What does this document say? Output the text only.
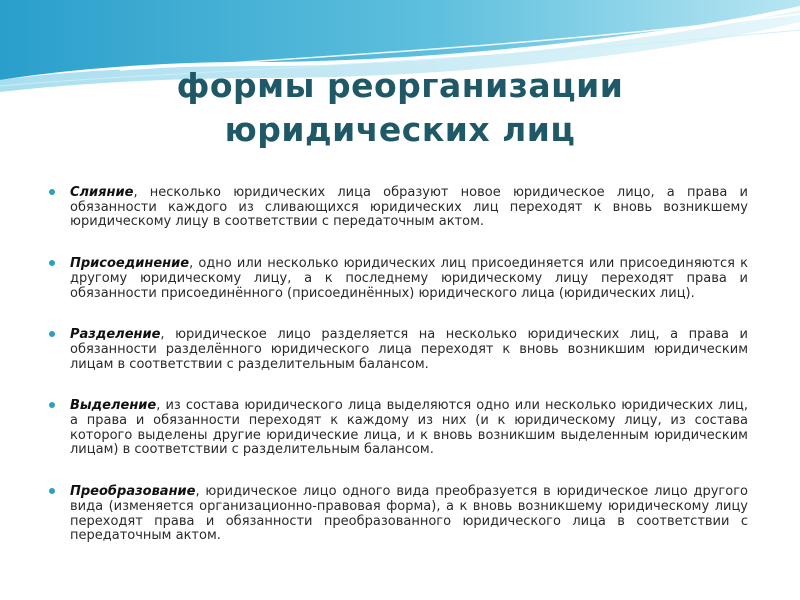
формы реорганизации
юридических лиц
Слияние, несколько юридических лица образуют новое юридическое лицо, а права и обязанности каждого из сливающихся юридических лиц переходят к вновь возникшему юридическому лицу в соответствии с передаточным актом.
Присоединение, одно или несколько юридических лиц присоединяется или присоединяются к другому юридическому лицу, а к последнему юридическому лицу переходят права и обязанности присоединённого (присоединённых) юридического лица (юридических лиц).
Разделение, юридическое лицо разделяется на несколько юридических лиц, а права и обязанности разделённого юридического лица переходят к вновь возникшим юридическим лицам в соответствии с разделительным балансом.
Выделение, из состава юридического лица выделяются одно или несколько юридических лиц, а права и обязанности переходят к каждому из них (и к юридическому лицу, из состава которого выделены другие юридические лица, и к вновь возникшим выделенным юридическим лицам) в соответствии с разделительным балансом.
Преобразование, юридическое лицо одного вида преобразуется в юридическое лицо другого вида (изменяется организационно-правовая форма), а к вновь возникшему юридическому лицу переходят права и обязанности преобразованного юридического лица в соответствии с передаточным актом.
